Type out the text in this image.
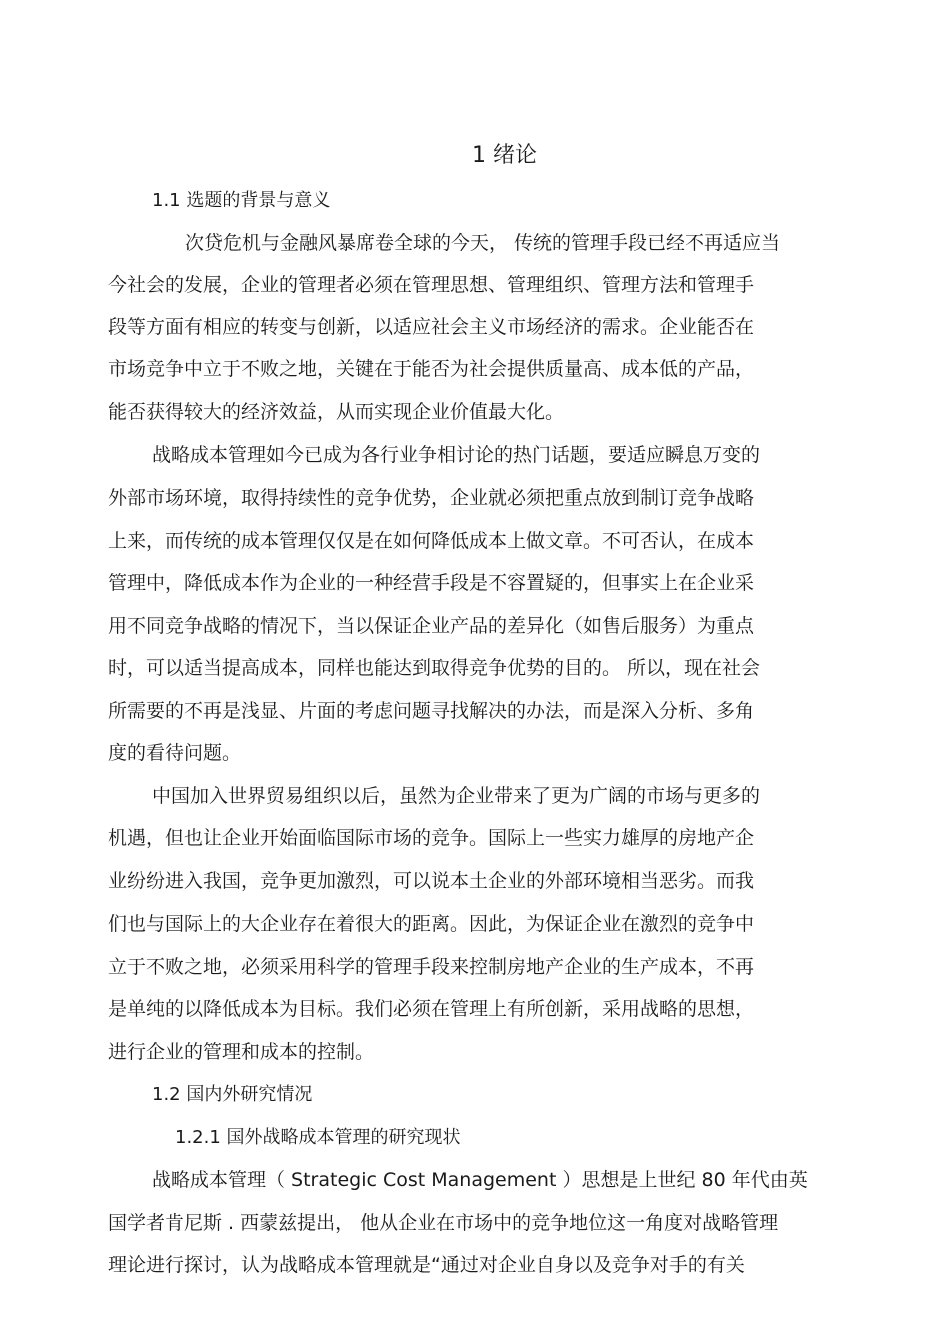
1 绪论
1.1 选题的背景与意义
次贷危机与金融风暴席卷全球的今天， 传统的管理手段已经不再适应当
今社会的发展，企业的管理者必须在管理思想、管理组织、管理方法和管理手
段等方面有相应的转变与创新，以适应社会主义市场经济的需求。企业能否在
市场竞争中立于不败之地，关键在于能否为社会提供质量高、成本低的产品，
能否获得较大的经济效益，从而实现企业价值最大化。
战略成本管理如今已成为各行业争相讨论的热门话题，要适应瞬息万变的
外部市场环境，取得持续性的竞争优势，企业就必须把重点放到制订竞争战略
上来，而传统的成本管理仅仅是在如何降低成本上做文章。不可否认，在成本
管理中，降低成本作为企业的一种经营手段是不容置疑的，但事实上在企业采
用不同竞争战略的情况下，当以保证企业产品的差异化（如售后服务）为重点
时，可以适当提高成本，同样也能达到取得竞争优势的目的。 所以，现在社会
所需要的不再是浅显、片面的考虑问题寻找解决的办法，而是深入分析、多角
度的看待问题。
中国加入世界贸易组织以后，虽然为企业带来了更为广阔的市场与更多的
机遇，但也让企业开始面临国际市场的竞争。国际上一些实力雄厚的房地产企
业纷纷进入我国，竞争更加激烈，可以说本土企业的外部环境相当恶劣。而我
们也与国际上的大企业存在着很大的距离。因此，为保证企业在激烈的竞争中
立于不败之地，必须采用科学的管理手段来控制房地产企业的生产成本，不再
是单纯的以降低成本为目标。我们必须在管理上有所创新，采用战略的思想，
进行企业的管理和成本的控制。
1.2 国内外研究情况
1.2.1 国外战略成本管理的研究现状
战略成本管理（ Strategic Cost Management ）思想是上世纪 80 年代由英
国学者肯尼斯 . 西蒙兹提出， 他从企业在市场中的竞争地位这一角度对战略管理
理论进行探讨，认为战略成本管理就是“通过对企业自身以及竞争对手的有关
